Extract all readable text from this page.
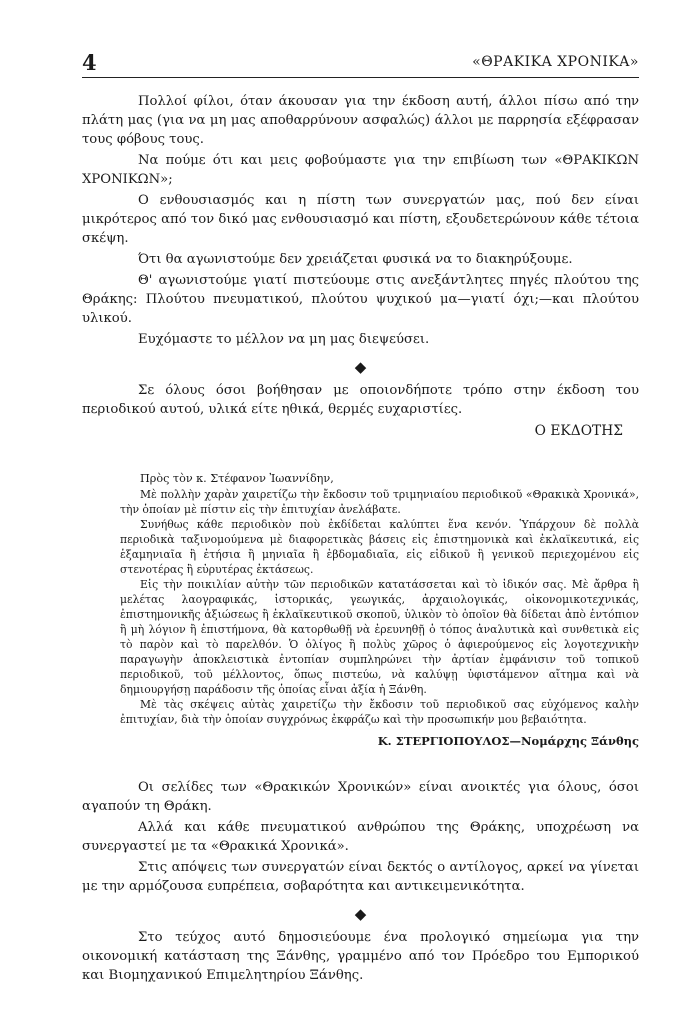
4	«ΘΡΑΚΙΚΑ ΧΡΟΝΙΚΑ»

Πολλοί φίλοι, όταν άκουσαν για την έκδοση αυτή, άλλοι πίσω από την πλάτη μας (για να μη μας αποθαρρύνουν ασφαλώς) άλλοι με παρρησία εξέφρασαν τους φόβους τους.

Να πούμε ότι και μεις φοβούμαστε για την επιβίωση των «ΘΡΑΚΙΚΩΝ ΧΡΟΝΙΚΩΝ»;

Ο ενθουσιασμός και η πίστη των συνεργατών μας, πού δεν είναι μικρότερος από τον δικό μας ενθουσιασμό και πίστη, εξουδετερώνουν κάθε τέτοια σκέψη.

Ότι θα αγωνιστούμε δεν χρειάζεται φυσικά να το διακηρύξουμε.

Θ' αγωνιστούμε γιατί πιστεύουμε στις ανεξάντλητες πηγές πλούτου της Θράκης: Πλούτου πνευματικού, πλούτου ψυχικού μα—γιατί όχι;—και πλούτου υλικού.

Ευχόμαστε το μέλλον να μη μας διεψεύσει.

◆

Σε όλους όσοι βοήθησαν με οποιονδήποτε τρόπο στην έκδοση του περιοδικού αυτού, υλικά είτε ηθικά, θερμές ευχαριστίες.

Ο ΕΚΔΟΤΗΣ

Πρὸς τὸν κ. Στέφανον Ἰωαννίδην,

Μὲ πολλὴν χαρὰν χαιρετίζω τὴν ἔκδοσιν τοῦ τριμηνιαίου περιοδικοῦ «Θρακικὰ Χρονικά», τὴν ὁποίαν μὲ πίστιν εἰς τὴν ἐπιτυχίαν ἀνελάβατε.

Συνήθως κάθε περιοδικὸν ποὺ ἐκδίδεται καλύπτει ἕνα κενόν. Ὑπάρχουν δὲ πολλὰ περιοδικὰ ταξινομούμενα μὲ διαφορετικὰς βάσεις εἰς ἐπιστημονικὰ καὶ ἐκλαϊκευτικά, εἰς ἑξαμηνιαῖα ἢ ἐτήσια ἢ μηνιαῖα ἢ ἑβδομαδιαῖα, εἰς εἰδικοῦ ἢ γενικοῦ περιεχομένου εἰς στενοτέρας ἢ εὐρυτέρας ἐκτάσεως.

Εἰς τὴν ποικιλίαν αὐτὴν τῶν περιοδικῶν κατατάσσεται καὶ τὸ ἰδικόν σας. Μὲ ἄρθρα ἢ μελέτας λαογραφικάς, ἱστορικάς, γεωγικάς, ἀρχαιολογικάς, οἰκονομικοτεχνικάς, ἐπιστημονικῆς ἀξιώσεως ἢ ἐκλαϊκευτικοῦ σκοποῦ, ὑλικὸν τὸ ὁποῖον θὰ δίδεται ἀπὸ ἐντόπιον ἢ μὴ λόγιον ἢ ἐπιστήμονα, θὰ κατορθωθῇ νὰ ἐρευνηθῇ ὁ τόπος ἀναλυτικὰ καὶ συνθετικὰ εἰς τὸ παρὸν καὶ τὸ παρελθόν. Ὁ ὀλίγος ἢ πολὺς χῶρος ὁ ἀφιερούμενος εἰς λογοτεχνικὴν παραγωγὴν ἀποκλειστικὰ ἐντοπίαν συμπληρώνει τὴν ἀρτίαν ἐμφάνισιν τοῦ τοπικοῦ περιοδικοῦ, τοῦ μέλλοντος, ὅπως πιστεύω, νὰ καλύψῃ ὑφιστάμενον αἴτημα καὶ νὰ δημιουργήσῃ παράδοσιν τῆς ὁποίας εἶναι ἀξία ἡ Ξάνθη.

Μὲ τὰς σκέψεις αὐτὰς χαιρετίζω τὴν ἔκδοσιν τοῦ περιοδικοῦ σας εὐχόμενος καλὴν ἐπιτυχίαν, διὰ τὴν ὁποίαν συγχρόνως ἐκφράζω καὶ τὴν προσωπικήν μου βεβαιότητα.

Κ. ΣΤΕΡΓΙΟΠΟΥΛΟΣ—Νομάρχης Ξάνθης

Οι σελίδες των «Θρακικών Χρονικών» είναι ανοικτές για όλους, όσοι αγαπούν τη Θράκη.

Αλλά και κάθε πνευματικού ανθρώπου της Θράκης, υποχρέωση να συνεργαστεί με τα «Θρακικά Χρονικά».

Στις απόψεις των συνεργατών είναι δεκτός ο αντίλογος, αρκεί να γίνεται με την αρμόζουσα ευπρέπεια, σοβαρότητα και αντικειμενικότητα.

◆

Στο τεύχος αυτό δημοσιεύουμε ένα προλογικό σημείωμα για την οικονομική κατάσταση της Ξάνθης, γραμμένο από τον Πρόεδρο του Εμπορικού και Βιομηχανικού Επιμελητηρίου Ξάνθης.
